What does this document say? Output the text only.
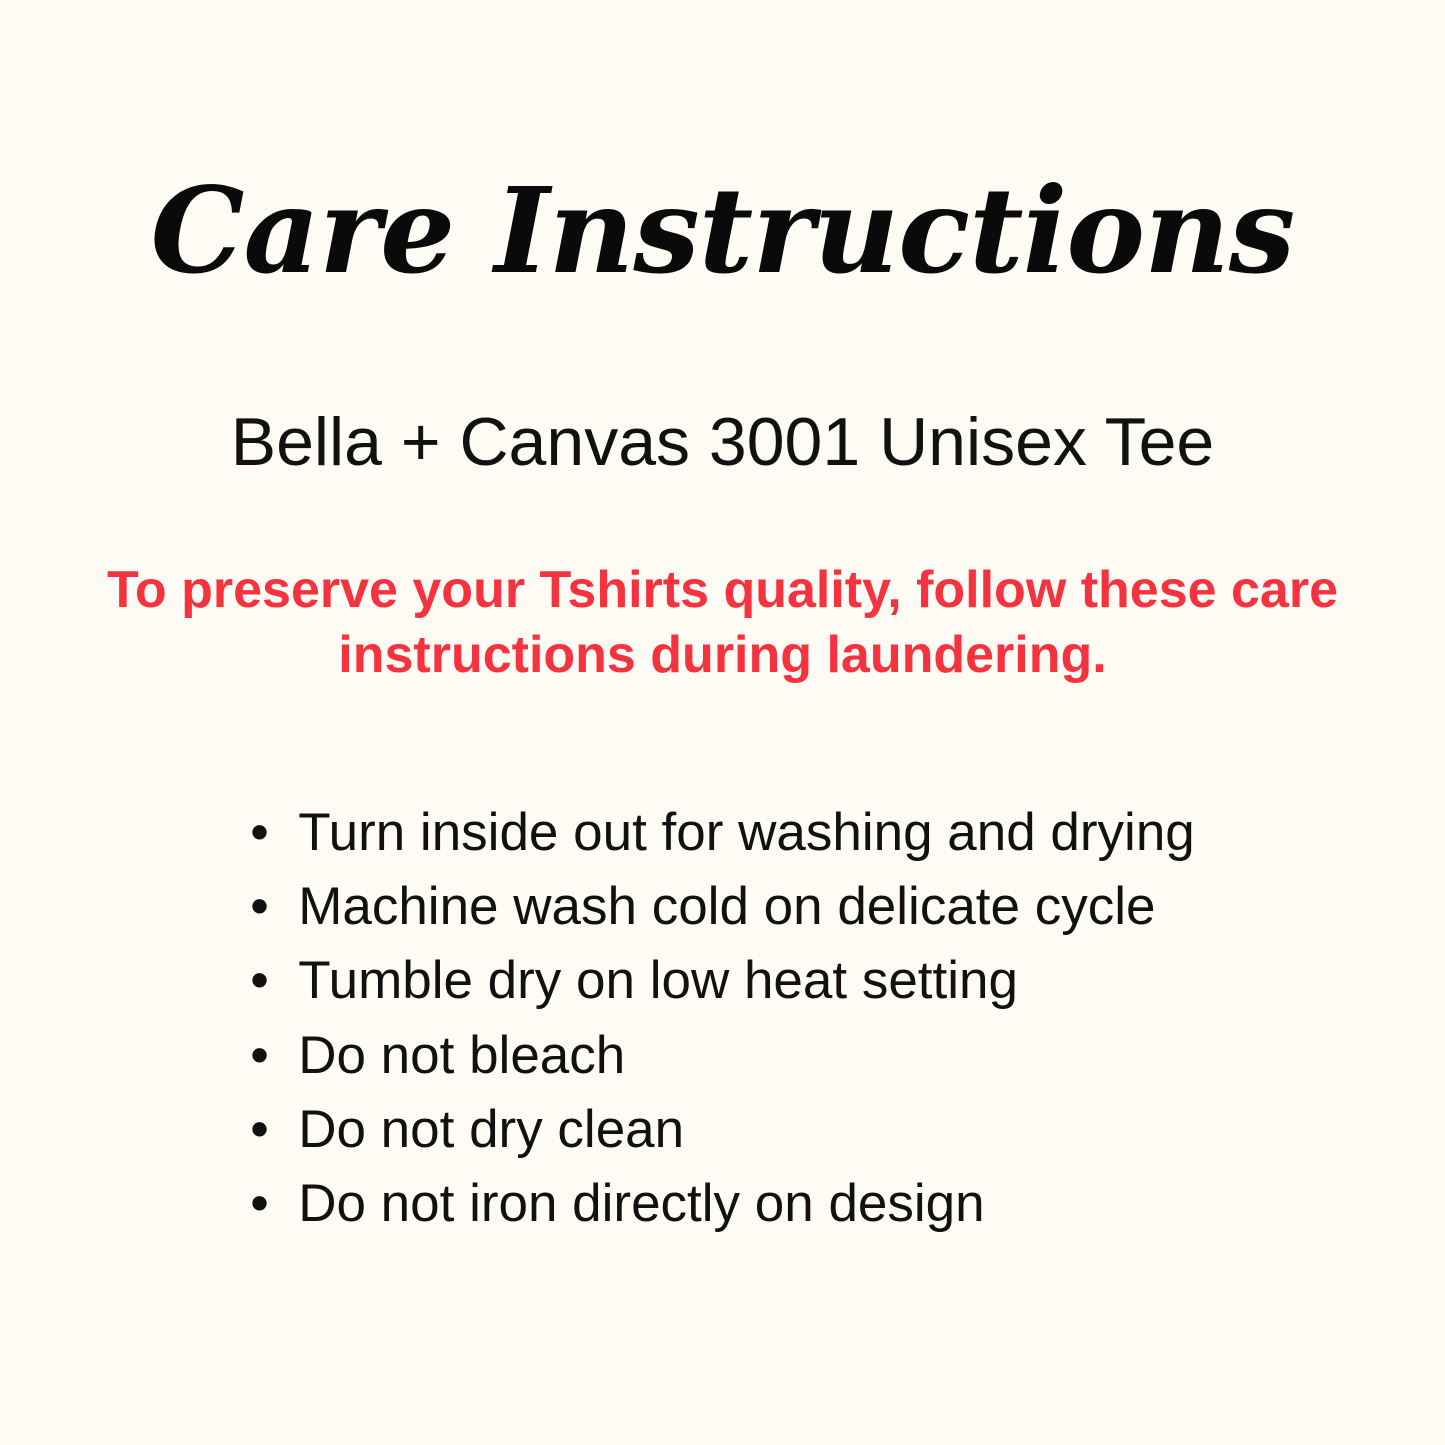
Care Instructions
Bella + Canvas 3001 Unisex Tee

To preserve your Tshirts quality, follow these care instructions during laundering.

• Turn inside out for washing and drying
• Machine wash cold on delicate cycle
• Tumble dry on low heat setting
• Do not bleach
• Do not dry clean
• Do not iron directly on design
